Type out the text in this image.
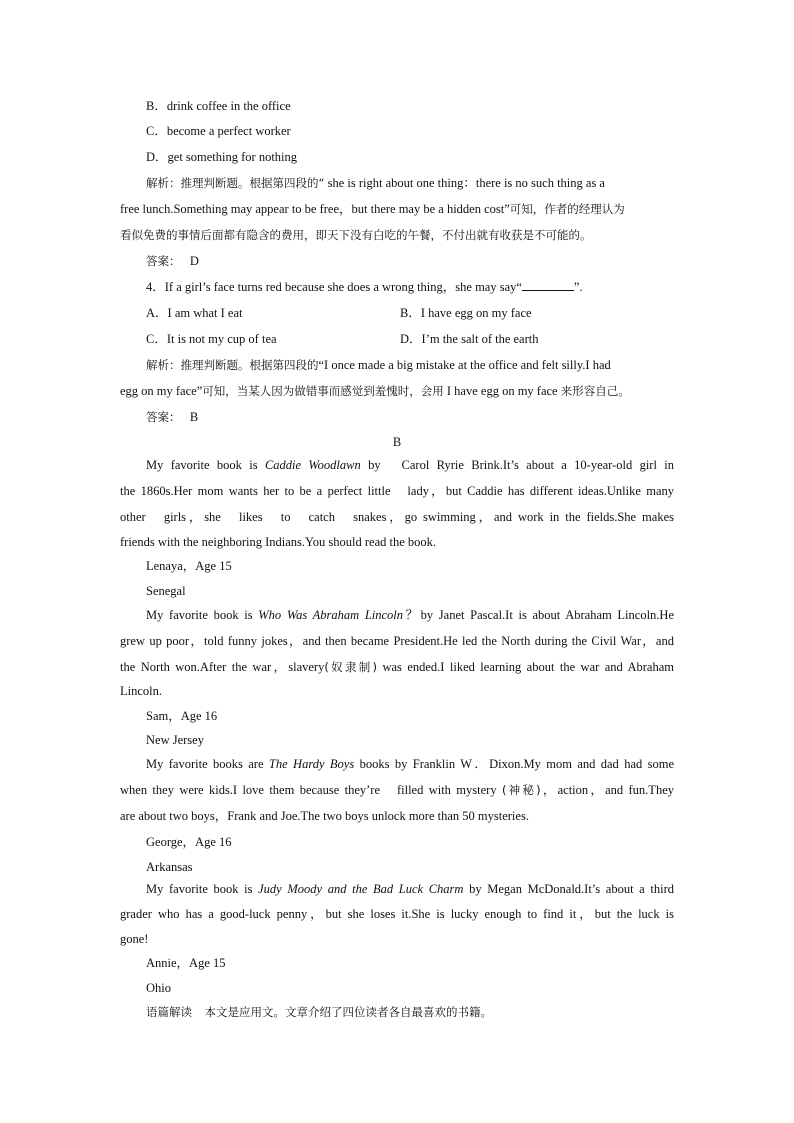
B．drink coffee in the office
C．become a perfect worker
D．get something for nothing
解析：推理判断题。根据第四段的“ she is right about one thing：there is no such thing as a
free lunch.Something may appear to be free，but there may be a hidden cost”可知，作者的经理认为
看似免费的事情后面都有隐含的费用，即天下没有白吃的午餐，不付出就有收获是不可能的。
答案： D
4．If a girl’s face turns red because she does a wrong thing，she may say“	”.
A．I am what I eat	B．I have egg on my face
C．It is not my cup of tea	D．I’m the salt of the earth
解析：推理判断题。根据第四段的“I once made a big mistake at the office and felt silly.I had
egg on my face”可知，当某人因为做错事而感觉到羞愧时，会用 I have egg on my face 来形容自己。
答案： B
B
My favorite book is Caddie Woodlawn by　Carol Ryrie Brink.It’s about a 10-year-old girl in
the 1860s.Her mom wants her to be a perfect little　lady，but Caddie has different ideas.Unlike many
other　girls，she　likes　to　catch　snakes，go swimming，and work in the fields.She makes
friends with the neighboring Indians.You should read the book.
Lenaya，Age 15
Senegal
My favorite book is Who Was Abraham Lincoln？by Janet Pascal.It is about Abraham Lincoln.He
grew up poor，told funny jokes，and then became President.He led the North during the Civil War，and
the North won.After the war，slavery(奴隶制) was ended.I liked learning about the war and Abraham
Lincoln.
Sam，Age 16
New Jersey
My favorite books are The Hardy Boys books by Franklin W．Dixon.My mom and dad had some
when they were kids.I love them because they’re　filled with mystery (神秘)，action，and fun.They
are about two boys，Frank and Joe.The two boys unlock more than 50 mysteries.
George，Age 16
Arkansas
My favorite book is Judy Moody and the Bad Luck Charm by Megan McDonald.It’s about a third
grader who has a good-luck penny，but she loses it.She is lucky enough to find it，but the luck is
gone!
Annie，Age 15
Ohio
语篇解读 本文是应用文。文章介绍了四位读者各自最喜欢的书籍。
